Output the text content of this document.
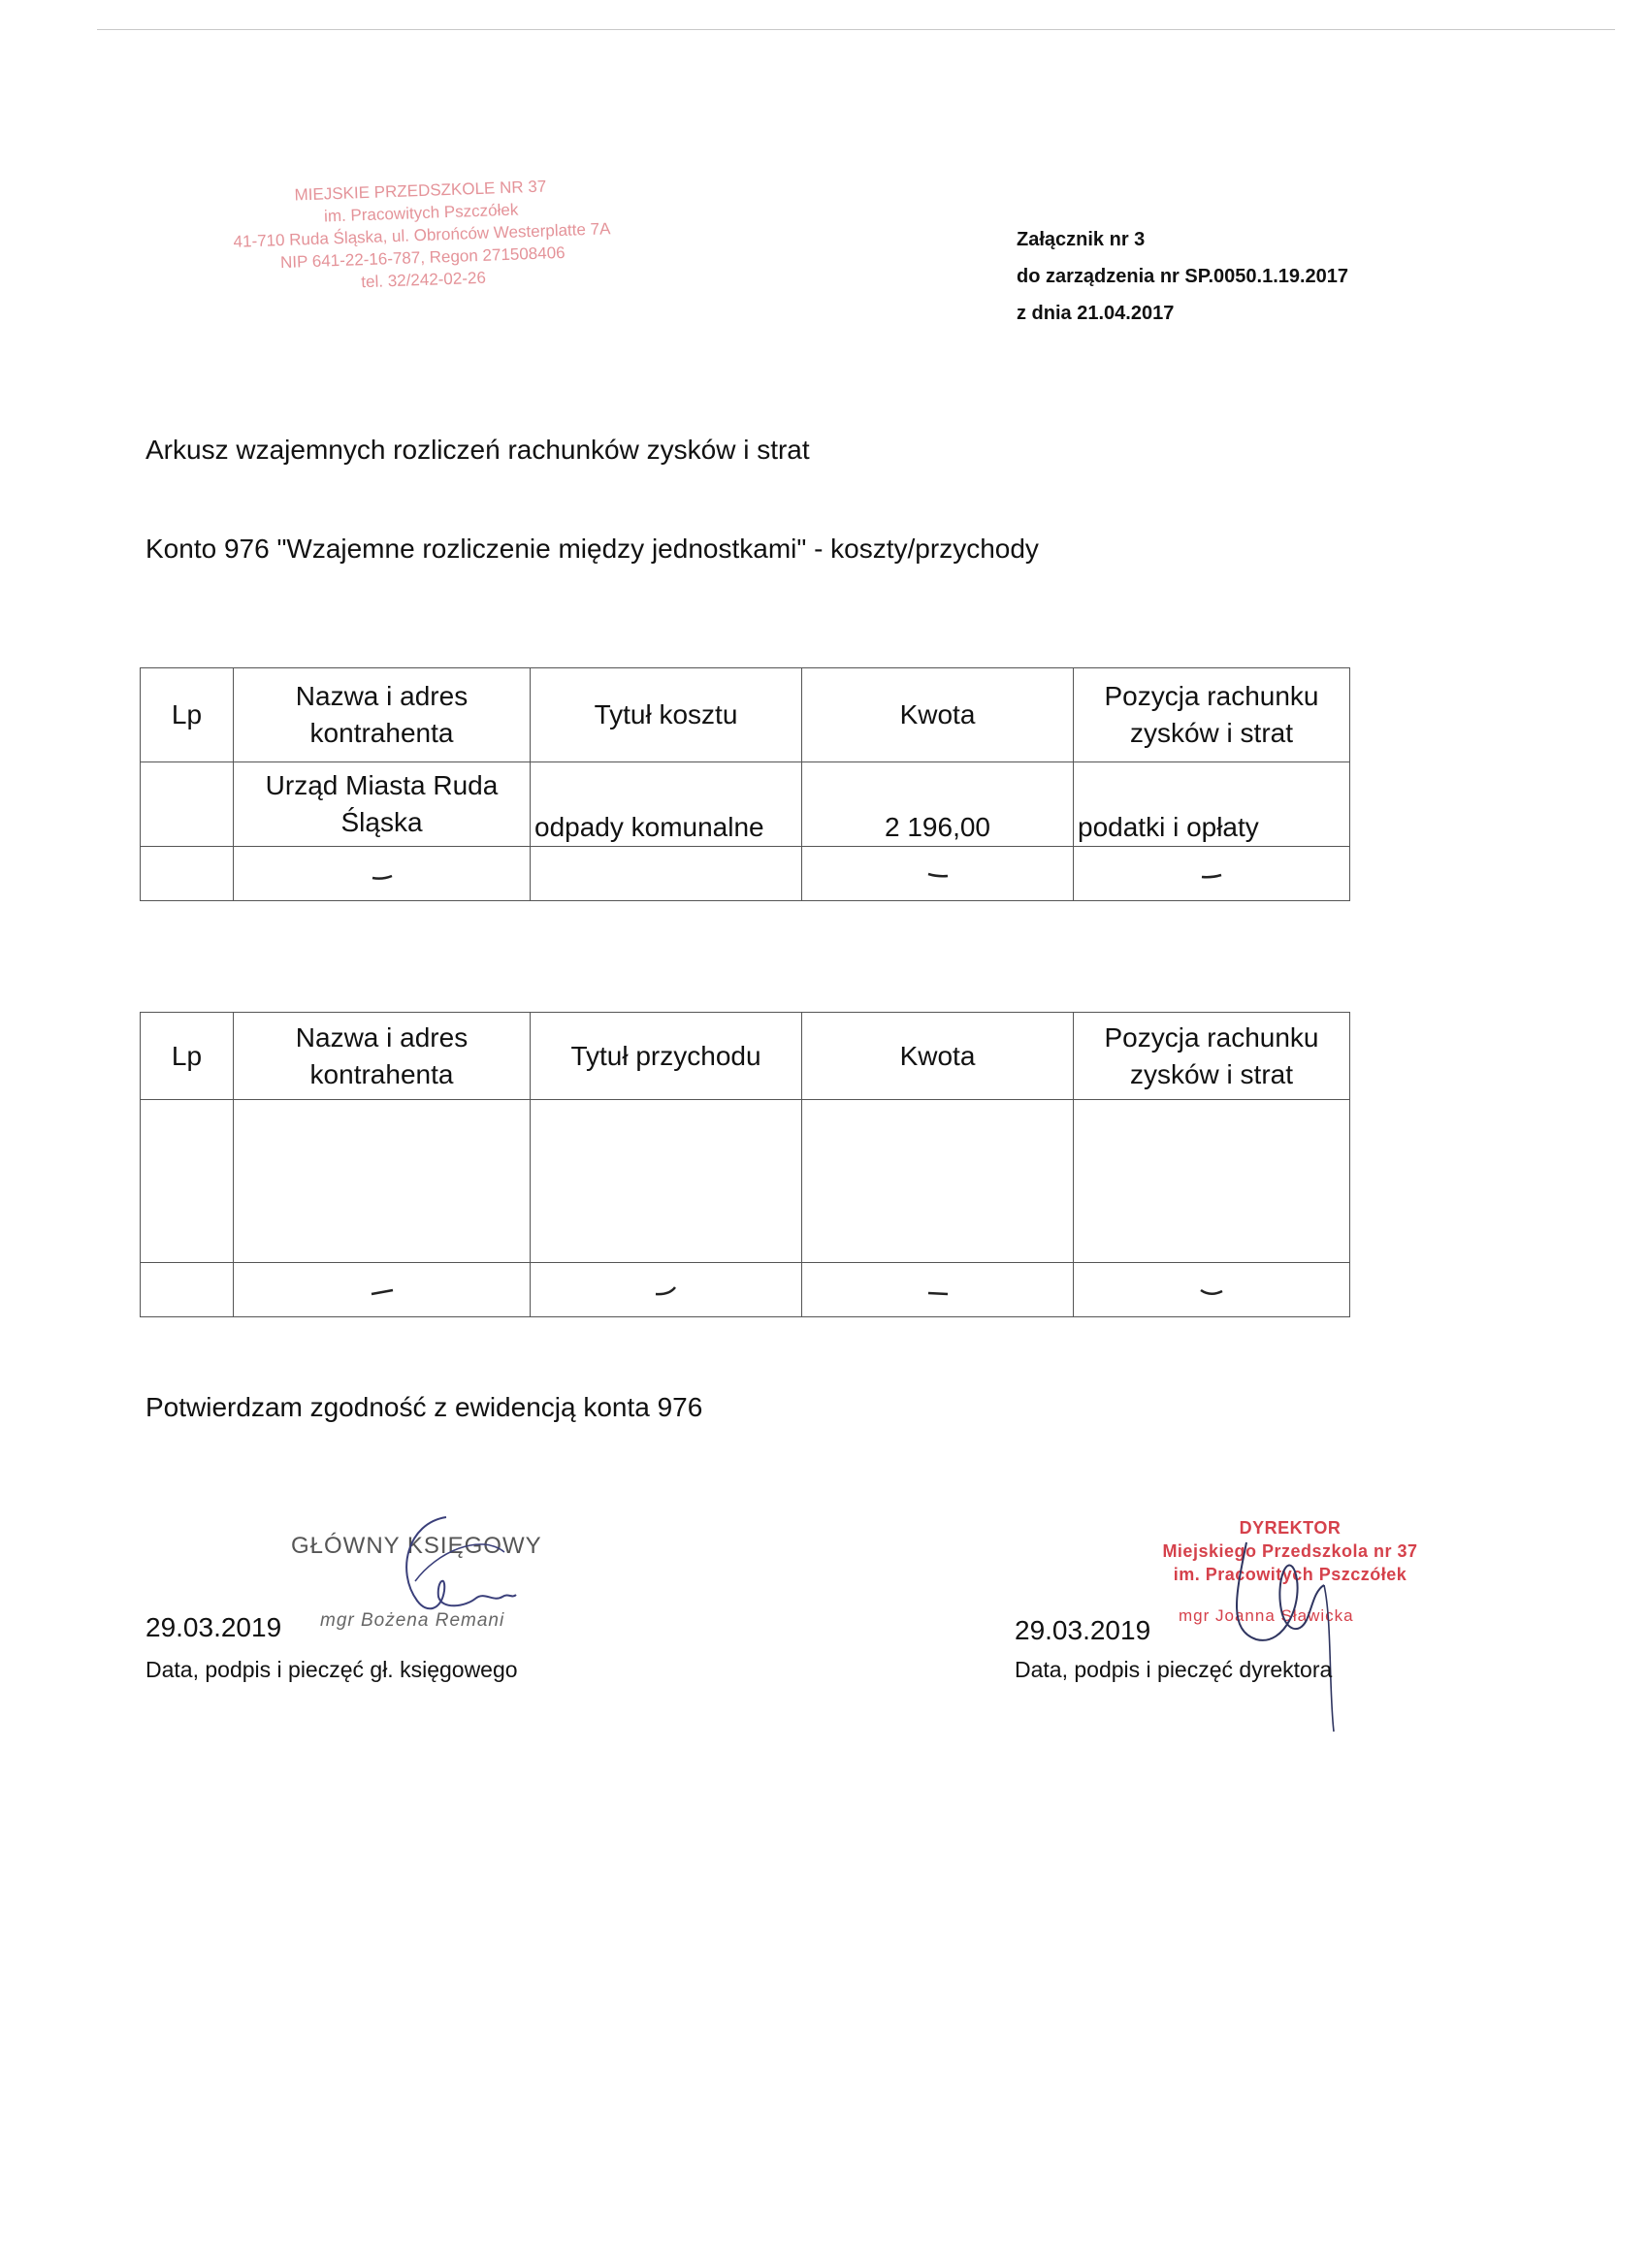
MIEJSKIE PRZEDSZKOLE NR 37
im. Pracowitych Pszczółek
41-710 Ruda Śląska, ul. Obrońców Westerplatte 7A
NIP 641-22-16-787, Regon 271508406
tel. 32/242-02-26
Załącznik nr 3
do zarządzenia nr SP.0050.1.19.2017
z dnia 21.04.2017
Arkusz wzajemnych rozliczeń rachunków zysków i strat
Konto 976 "Wzajemne rozliczenie między jednostkami" - koszty/przychody
Lp	Nazwa i adres kontrahenta	Tytuł kosztu	Kwota	Pozycja rachunku zysków i strat
	Urząd Miasta Ruda Śląska	odpady komunalne	2 196,00	podatki i opłaty

Lp	Nazwa i adres kontrahenta	Tytuł przychodu	Kwota	Pozycja rachunku zysków i strat

Potwierdzam zgodność z ewidencją konta 976
GŁÓWNY KSIĘGOWY
mgr Bożena Remani
29.03.2019
Data, podpis i pieczęć gł. księgowego
DYREKTOR
Miejskiego Przedszkola nr 37
im. Pracowitych Pszczółek
mgr Joanna Sławicka
29.03.2019
Data, podpis i pieczęć dyrektora
